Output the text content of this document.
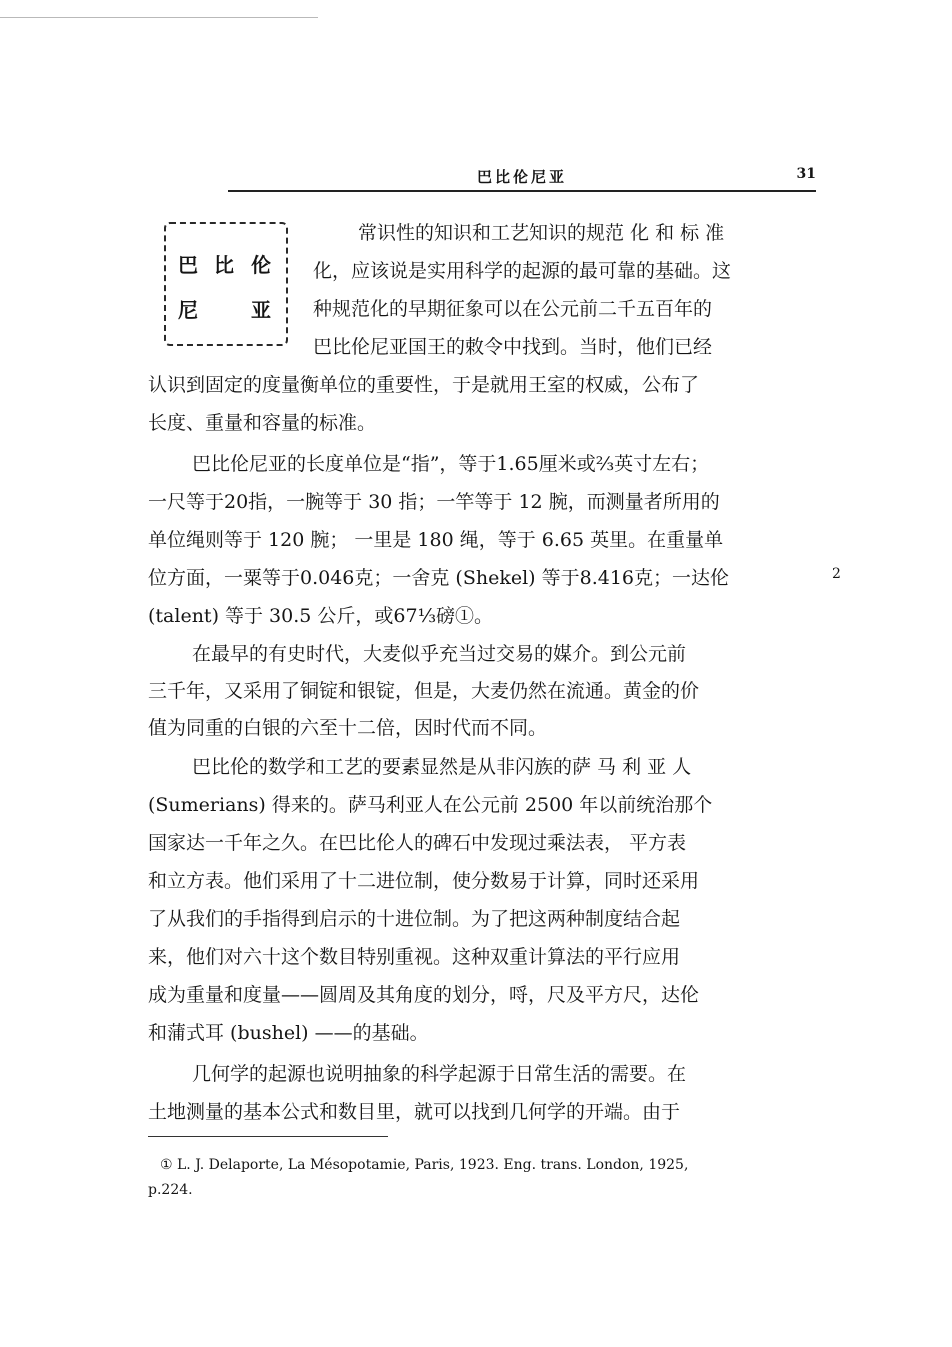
巴比伦尼亚	31
巴 比 伦
尼	亚
常识性的知识和工艺知识的规范 化 和 标 准
化，应该说是实用科学的起源的最可靠的基础。这
种规范化的早期征象可以在公元前二千五百年的
巴比伦尼亚国王的敕令中找到。当时，他们已经
认识到固定的度量衡单位的重要性，于是就用王室的权威，公布了
长度、重量和容量的标准。
巴比伦尼亚的长度单位是“指”，等于1.65厘米或⅔英寸左右；
一尺等于20指，一腕等于 30 指；一竿等于 12 腕，而测量者所用的
单位绳则等于 120 腕； 一里是 180 绳，等于 6.65 英里。在重量单
位方面，一粟等于0.046克；一舍克 (Shekel) 等于8.416克；一达伦
(talent) 等于 30.5 公斤，或67⅓磅①。
在最早的有史时代，大麦似乎充当过交易的媒介。到公元前
三千年，又采用了铜锭和银锭，但是，大麦仍然在流通。黄金的价
值为同重的白银的六至十二倍，因时代而不同。
巴比伦的数学和工艺的要素显然是从非闪族的萨 马 利 亚 人
(Sumerians) 得来的。萨马利亚人在公元前 2500 年以前统治那个
国家达一千年之久。在巴比伦人的碑石中发现过乘法表， 平方表
和立方表。他们采用了十二进位制，使分数易于计算，同时还采用
了从我们的手指得到启示的十进位制。为了把这两种制度结合起
来，他们对六十这个数目特别重视。这种双重计算法的平行应用
成为重量和度量——圆周及其角度的划分，哷，尺及平方尺，达伦
和蒲式耳 (bushel) ——的基础。
几何学的起源也说明抽象的科学起源于日常生活的需要。在
土地测量的基本公式和数目里，就可以找到几何学的开端。由于
2
① L. J. Delaporte, La Mésopotamie, Paris, 1923. Eng. trans. London, 1925,
p.224.
